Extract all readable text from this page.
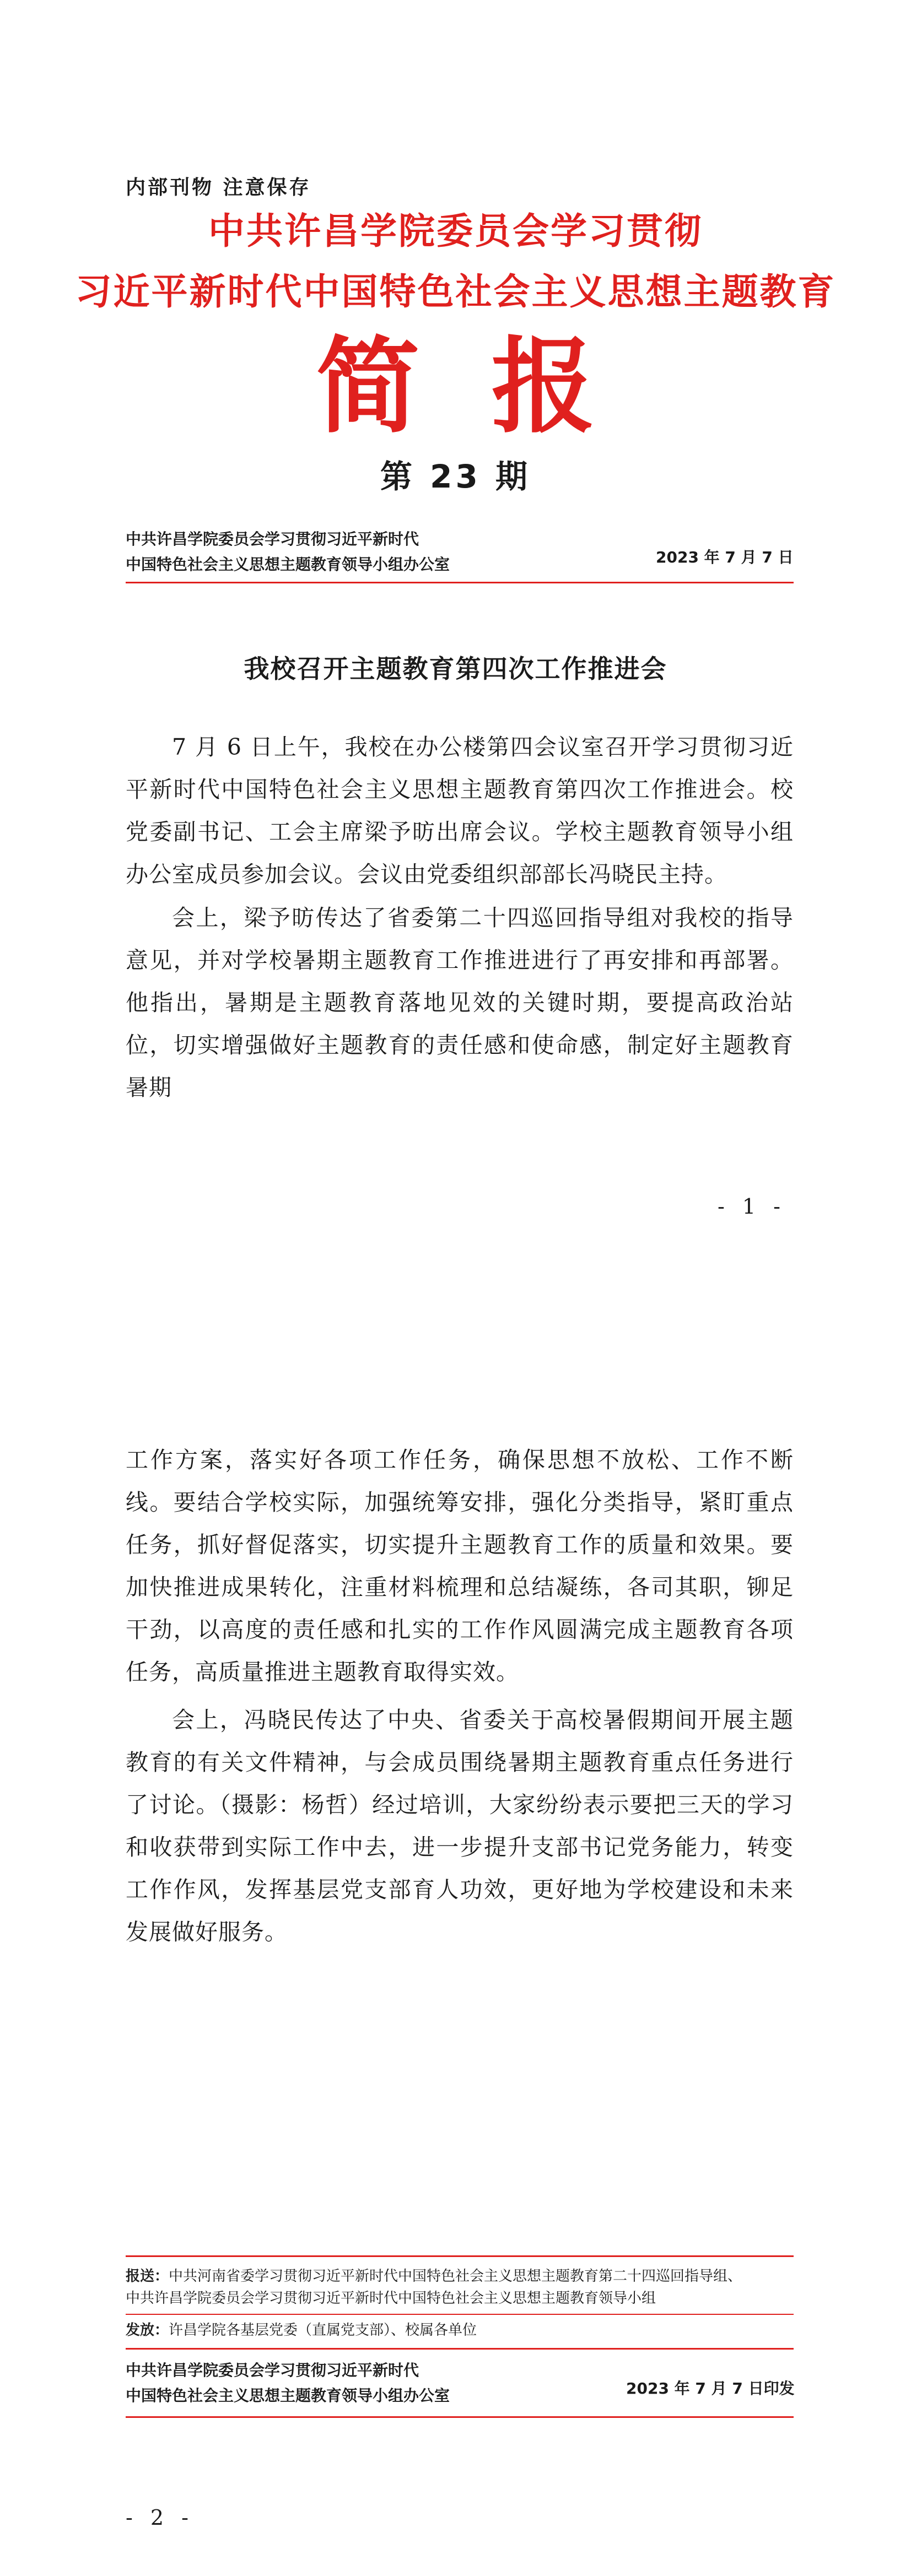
内部刊物 注意保存
中共许昌学院委员会学习贯彻
习近平新时代中国特色社会主义思想主题教育
简报
第 23 期
中共许昌学院委员会学习贯彻习近平新时代
中国特色社会主义思想主题教育领导小组办公室	2023 年 7 月 7 日
我校召开主题教育第四次工作推进会
7 月 6 日上午，我校在办公楼第四会议室召开学习贯彻习近平新时代中国特色社会主义思想主题教育第四次工作推进会。校党委副书记、工会主席梁予昉出席会议。学校主题教育领导小组办公室成员参加会议。会议由党委组织部部长冯晓民主持。
会上，梁予昉传达了省委第二十四巡回指导组对我校的指导意见，并对学校暑期主题教育工作推进进行了再安排和再部署。他指出，暑期是主题教育落地见效的关键时期，要提高政治站位，切实增强做好主题教育的责任感和使命感，制定好主题教育暑期
- 1 -
工作方案，落实好各项工作任务，确保思想不放松、工作不断线。要结合学校实际，加强统筹安排，强化分类指导，紧盯重点任务，抓好督促落实，切实提升主题教育工作的质量和效果。要加快推进成果转化，注重材料梳理和总结凝练，各司其职，铆足干劲，以高度的责任感和扎实的工作作风圆满完成主题教育各项任务，高质量推进主题教育取得实效。
会上，冯晓民传达了中央、省委关于高校暑假期间开展主题教育的有关文件精神，与会成员围绕暑期主题教育重点任务进行了讨论。（摄影：杨哲）经过培训，大家纷纷表示要把三天的学习和收获带到实际工作中去，进一步提升支部书记党务能力，转变工作作风，发挥基层党支部育人功效，更好地为学校建设和未来发展做好服务。
报送：中共河南省委学习贯彻习近平新时代中国特色社会主义思想主题教育第二十四巡回指导组、
中共许昌学院委员会学习贯彻习近平新时代中国特色社会主义思想主题教育领导小组
发放：许昌学院各基层党委（直属党支部）、校属各单位
中共许昌学院委员会学习贯彻习近平新时代
中国特色社会主义思想主题教育领导小组办公室	2023 年 7 月 7 日印发
- 2 -
